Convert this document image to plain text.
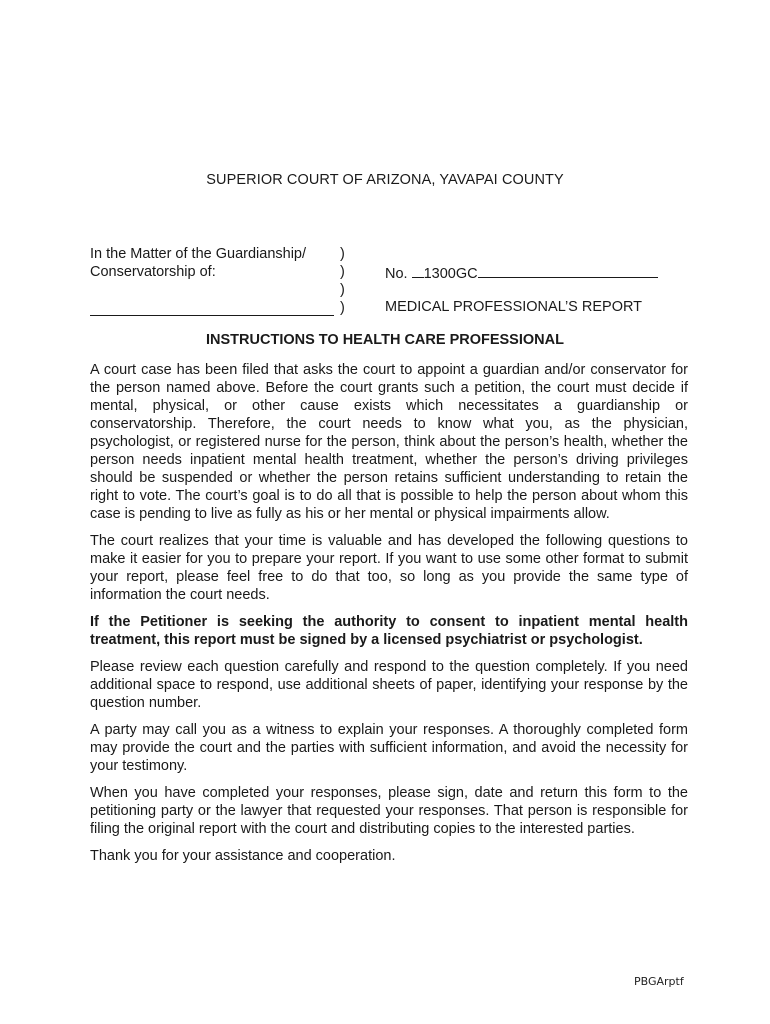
SUPERIOR COURT OF ARIZONA, YAVAPAI COUNTY
In the Matter of the Guardianship/
Conservatorship of:
)
)
)
)
No. 1300GC
MEDICAL PROFESSIONAL’S REPORT
INSTRUCTIONS TO HEALTH CARE PROFESSIONAL

A court case has been filed that asks the court to appoint a guardian and/or conservator for the person named above. Before the court grants such a petition, the court must decide if mental, physical, or other cause exists which necessitates a guardianship or conservatorship. Therefore, the court needs to know what you, as the physician, psychologist, or registered nurse for the person, think about the person’s health, whether the person needs inpatient mental health treatment, whether the person’s driving privileges should be suspended or whether the person retains sufficient understanding to retain the right to vote. The court’s goal is to do all that is possible to help the person about whom this case is pending to live as fully as his or her mental or physical impairments allow.

The court realizes that your time is valuable and has developed the following questions to make it easier for you to prepare your report. If you want to use some other format to submit your report, please feel free to do that too, so long as you provide the same type of information the court needs.

If the Petitioner is seeking the authority to consent to inpatient mental health treatment, this report must be signed by a licensed psychiatrist or psychologist.

Please review each question carefully and respond to the question completely. If you need additional space to respond, use additional sheets of paper, identifying your response by the question number.

A party may call you as a witness to explain your responses. A thoroughly completed form may provide the court and the parties with sufficient information, and avoid the necessity for your testimony.

When you have completed your responses, please sign, date and return this form to the petitioning party or the lawyer that requested your responses. That person is responsible for filing the original report with the court and distributing copies to the interested parties.

Thank you for your assistance and cooperation.

PBGArptf
